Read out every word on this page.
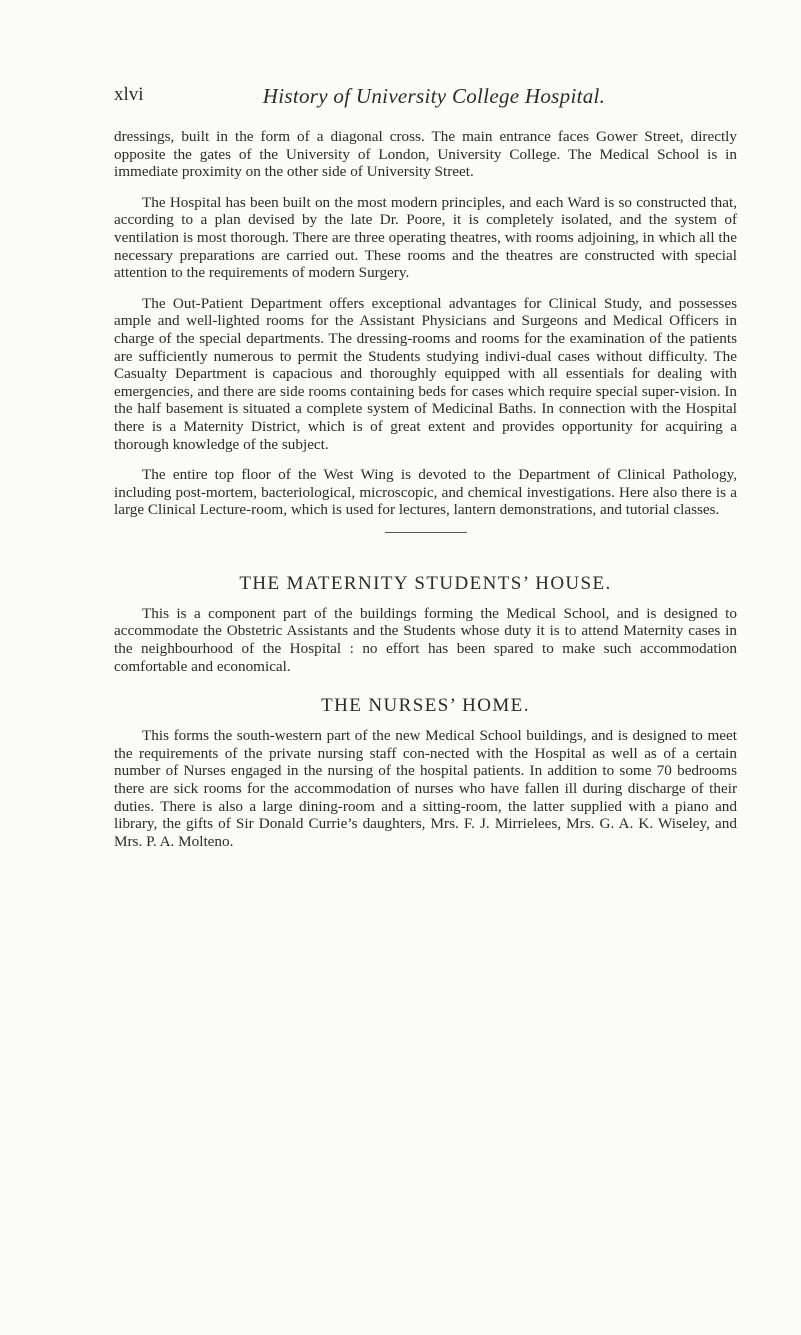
xlvi	History of University College Hospital.

dressings, built in the form of a diagonal cross. The main entrance faces Gower Street, directly opposite the gates of the University of London, University College. The Medical School is in immediate proximity on the other side of University Street.

The Hospital has been built on the most modern principles, and each Ward is so constructed that, according to a plan devised by the late Dr. Poore, it is completely isolated, and the system of ventilation is most thorough. There are three operating theatres, with rooms adjoining, in which all the necessary preparations are carried out. These rooms and the theatres are constructed with special attention to the requirements of modern Surgery.

The Out-Patient Department offers exceptional advantages for Clinical Study, and possesses ample and well-lighted rooms for the Assistant Physicians and Surgeons and Medical Officers in charge of the special departments. The dressing-rooms and rooms for the examination of the patients are sufficiently numerous to permit the Students studying indivi-dual cases without difficulty. The Casualty Department is capacious and thoroughly equipped with all essentials for dealing with emergencies, and there are side rooms containing beds for cases which require special super-vision. In the half basement is situated a complete system of Medicinal Baths. In connection with the Hospital there is a Maternity District, which is of great extent and provides opportunity for acquiring a thorough knowledge of the subject.

The entire top floor of the West Wing is devoted to the Department of Clinical Pathology, including post-mortem, bacteriological, microscopic, and chemical investigations. Here also there is a large Clinical Lecture-room, which is used for lectures, lantern demonstrations, and tutorial classes.

THE MATERNITY STUDENTS’ HOUSE.

This is a component part of the buildings forming the Medical School, and is designed to accommodate the Obstetric Assistants and the Students whose duty it is to attend Maternity cases in the neighbourhood of the Hospital : no effort has been spared to make such accommodation comfortable and economical.

THE NURSES’ HOME.

This forms the south-western part of the new Medical School buildings, and is designed to meet the requirements of the private nursing staff con-nected with the Hospital as well as of a certain number of Nurses engaged in the nursing of the hospital patients. In addition to some 70 bedrooms there are sick rooms for the accommodation of nurses who have fallen ill during discharge of their duties. There is also a large dining-room and a sitting-room, the latter supplied with a piano and library, the gifts of Sir Donald Currie’s daughters, Mrs. F. J. Mirrielees, Mrs. G. A. K. Wiseley, and Mrs. P. A. Molteno.
